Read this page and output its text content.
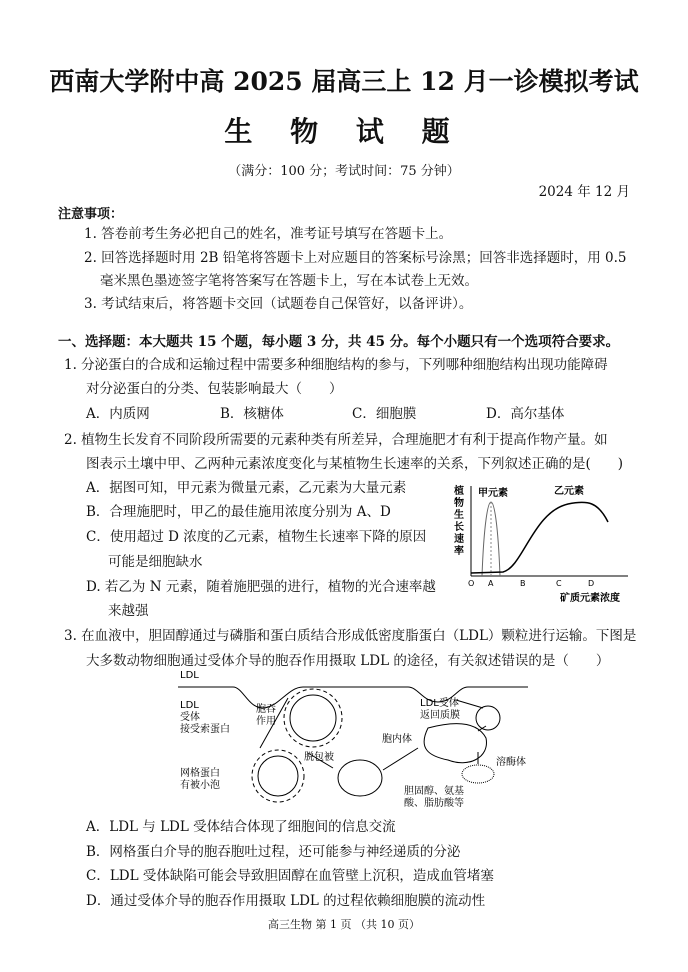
西南大学附中高 2025 届高三上 12 月一诊模拟考试
生 物 试 题
（满分：100 分；考试时间：75 分钟）
2024 年 12 月
注意事项：
1. 答卷前考生务必把自己的姓名，准考证号填写在答题卡上。
2. 回答选择题时用 2B 铅笔将答题卡上对应题目的答案标号涂黑；回答非选择题时，用 0.5
毫米黑色墨迹签字笔将答案写在答题卡上，写在本试卷上无效。
3. 考试结束后，将答题卡交回（试题卷自己保管好，以备评讲）。
一、选择题：本大题共 15 个题，每小题 3 分，共 45 分。每个小题只有一个选项符合要求。
1. 分泌蛋白的合成和运输过程中需要多种细胞结构的参与，下列哪种细胞结构出现功能障碍
对分泌蛋白的分类、包装影响最大（　　）
A．内质网	B．核糖体	C．细胞膜	D．高尔基体
2. 植物生长发育不同阶段所需要的元素种类有所差异，合理施肥才有利于提高作物产量。如
图表示土壤中甲、乙两种元素浓度变化与某植物生长速率的关系，下列叙述正确的是(　　)
A．据图可知，甲元素为微量元素，乙元素为大量元素
B．合理施肥时，甲乙的最佳施用浓度分别为 A、D
C．使用超过 D 浓度的乙元素，植物生长速率下降的原因
可能是细胞缺水
D. 若乙为 N 元素，随着施肥强的进行，植物的光合速率越
来越强
植
物
生
长
速
率
甲元素	乙元素
矿质元素浓度
O A	B	C	D
3. 在血液中，胆固醇通过与磷脂和蛋白质结合形成低密度脂蛋白（LDL）颗粒进行运输。下图是
大多数动物细胞通过受体介导的胞吞作用摄取 LDL 的途径，有关叙述错误的是（　　）
LDL
LDL
受体
接受索蛋白
胞吞
作用
网格蛋白
有被小泡
脱包被
胞内体
LDL受体
返回质膜
溶酶体
胆固醇、氨基
酸、脂肪酸等
A．LDL 与 LDL 受体结合体现了细胞间的信息交流
B．网格蛋白介导的胞吞胞吐过程，还可能参与神经递质的分泌
C．LDL 受体缺陷可能会导致胆固醇在血管壁上沉积，造成血管堵塞
D．通过受体介导的胞吞作用摄取 LDL 的过程依赖细胞膜的流动性
高三生物 第 1 页 （共 10 页）
